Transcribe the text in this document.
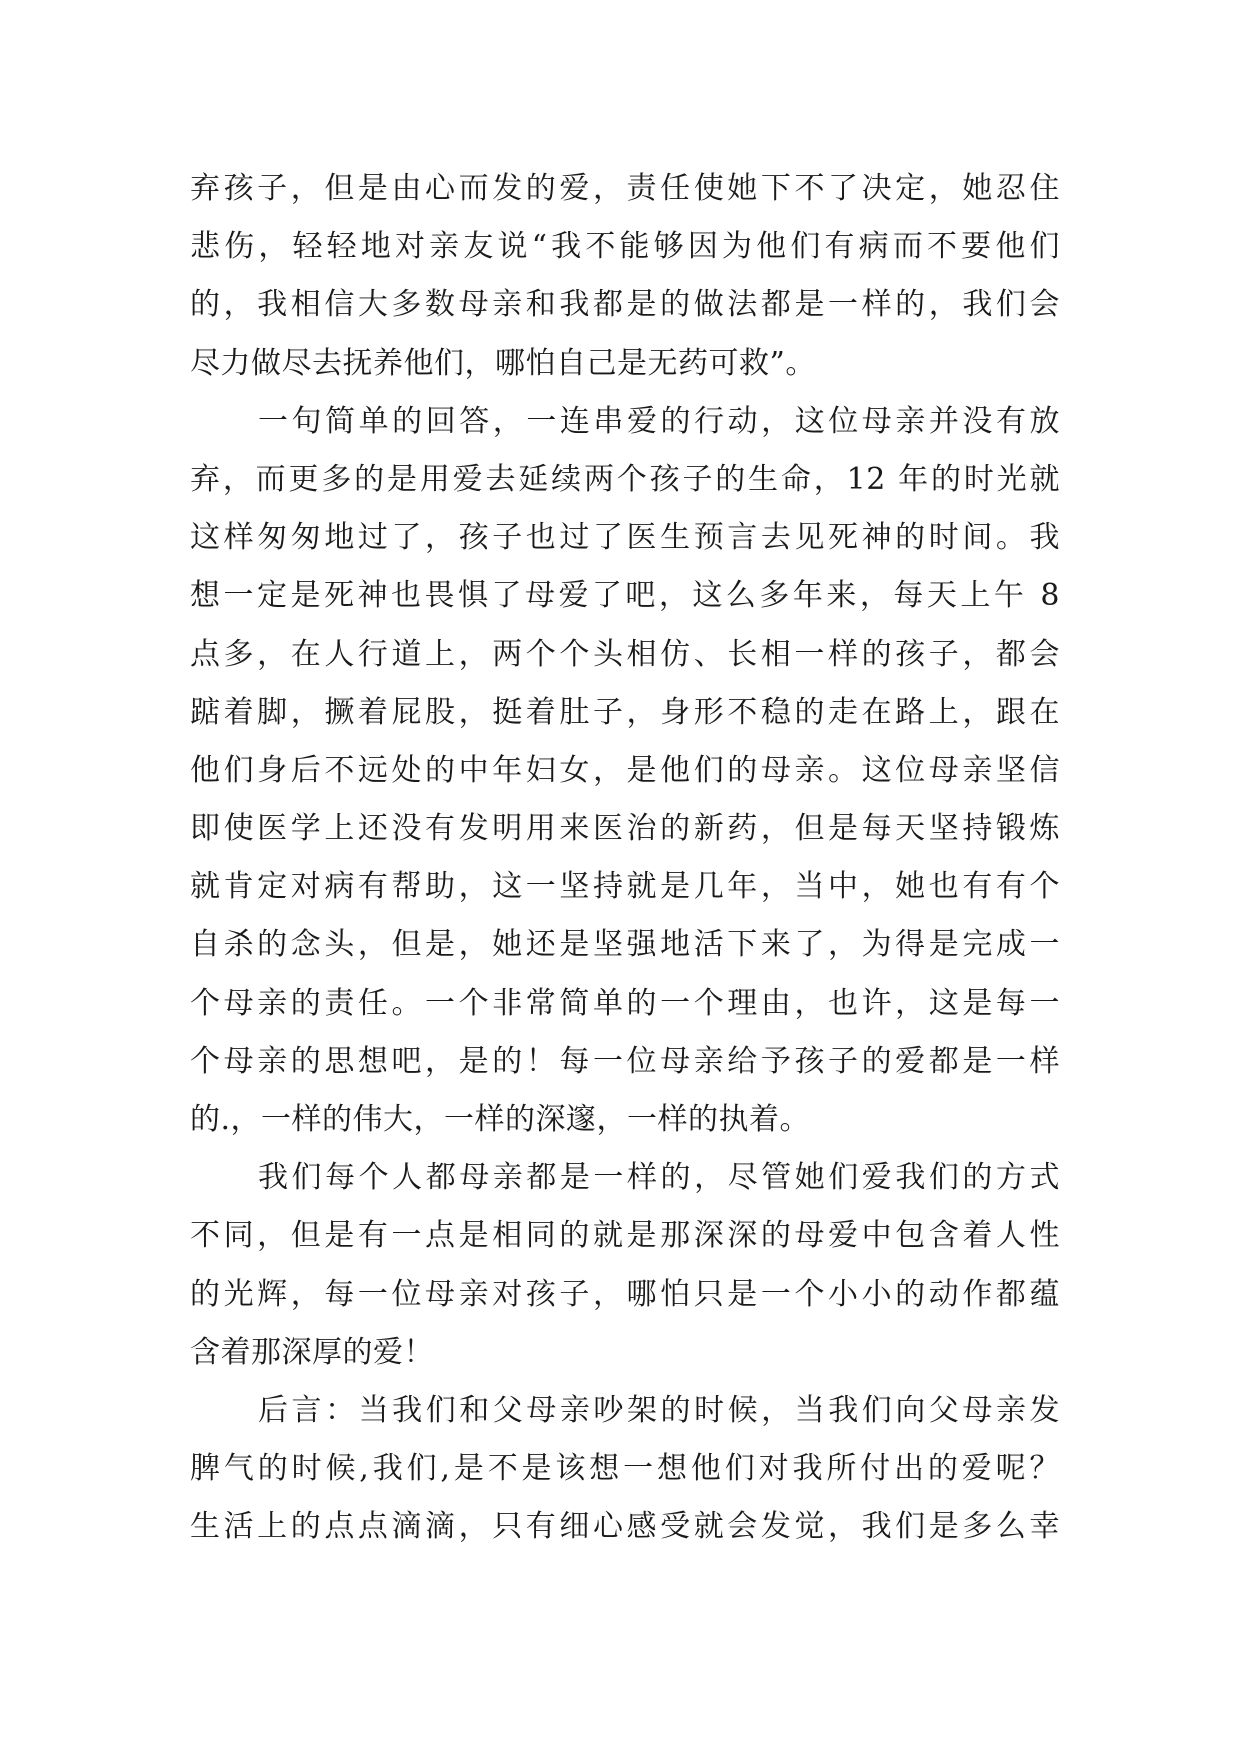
弃孩子，但是由心而发的爱，责任使她下不了决定，她忍住
悲伤，轻轻地对亲友说“我不能够因为他们有病而不要他们
的，我相信大多数母亲和我都是的做法都是一样的，我们会
尽力做尽去抚养他们，哪怕自己是无药可救”。
一句简单的回答，一连串爱的行动，这位母亲并没有放
弃，而更多的是用爱去延续两个孩子的生命，12 年的时光就
这样匆匆地过了，孩子也过了医生预言去见死神的时间。我
想一定是死神也畏惧了母爱了吧，这么多年来，每天上午 8
点多，在人行道上，两个个头相仿、长相一样的孩子，都会
踮着脚，撅着屁股，挺着肚子，身形不稳的走在路上，跟在
他们身后不远处的中年妇女，是他们的母亲。这位母亲坚信
即使医学上还没有发明用来医治的新药，但是每天坚持锻炼
就肯定对病有帮助，这一坚持就是几年，当中，她也有有个
自杀的念头，但是，她还是坚强地活下来了，为得是完成一
个母亲的责任。一个非常简单的一个理由，也许，这是每一
个母亲的思想吧，是的！每一位母亲给予孩子的爱都是一样
的.，一样的伟大，一样的深邃，一样的执着。
我们每个人都母亲都是一样的，尽管她们爱我们的方式
不同，但是有一点是相同的就是那深深的母爱中包含着人性
的光辉，每一位母亲对孩子，哪怕只是一个小小的动作都蕴
含着那深厚的爱！
后言：当我们和父母亲吵架的时候，当我们向父母亲发
脾气的时候,我们,是不是该想一想他们对我所付出的爱呢？
生活上的点点滴滴，只有细心感受就会发觉，我们是多么幸
